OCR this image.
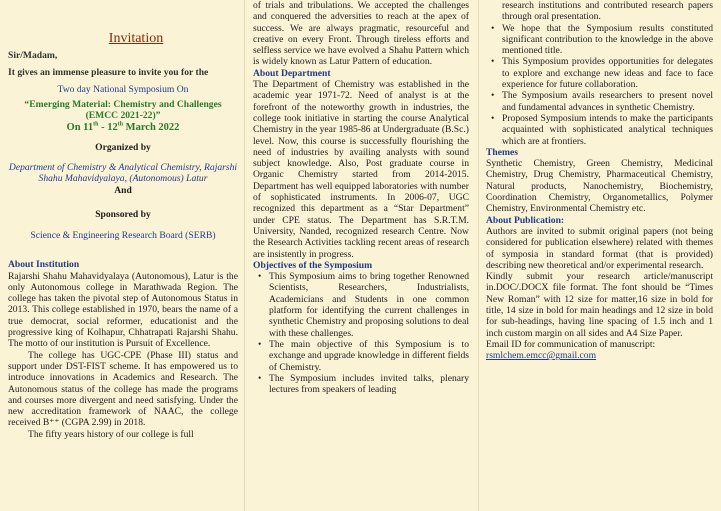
Invitation
Sir/Madam,
It gives an immense pleasure to invite you for the
Two day National Symposium On
“Emerging Material: Chemistry and Challenges
(EMCC 2021-22)”
On 11th - 12th March 2022
Organized by
Department of Chemistry & Analytical Chemistry, Rajarshi Shahu Mahavidyalaya, (Autonomous) Latur
And
Sponsored by
Science & Engineering Research Board (SERB)
About Institution

Rajarshi Shahu Mahavidyalaya (Autonomous), Latur is the only Autonomous college in Marathwada Region. The college has taken the pivotal step of Autonomous Status in 2013. This college established in 1970, bears the name of a true democrat, social reformer, educationist and the progressive king of Kolhapur, Chhatrapati Rajarshi Shahu. The motto of our institution is Pursuit of Excellence.

The college has UGC-CPE (Phase III) status and support under DST-FIST scheme. It has empowered us to introduce innovations in Academics and Research. The Autonomous status of the college has made the programs and courses more divergent and need satisfying. Under the new accreditation framework of NAAC, the college received B⁺⁺ (CGPA 2.99) in 2018.

The fifty years history of our college is full

of trials and tribulations. We accepted the challenges and conquered the adversities to reach at the apex of success. We are always pragmatic, resourceful and creative on every Front. Through tireless efforts and selfless service we have evolved a Shahu Pattern which is widely known as Latur Pattern of education.

About Department

The Department of Chemistry was established in the academic year 1971-72. Need of analyst is at the forefront of the noteworthy growth in industries, the college took initiative in starting the course Analytical Chemistry in the year 1985-86 at Undergraduate (B.Sc.) level. Now, this course is successfully flourishing the need of industries by availing analysts with sound subject knowledge. Also, Post graduate course in Organic Chemistry started from 2014-2015. Department has well equipped laboratories with number of sophisticated instruments. In 2006-07, UGC recognized this department as a “Star Department” under CPE status. The Department has S.R.T.M. University, Nanded, recognized research Centre. Now the Research Activities tackling recent areas of research are insistently in progress.

Objectives of the Symposium
• This Symposium aims to bring together Renowned Scientists, Researchers, Industrialists, Academicians and Students in one common platform for identifying the current challenges in synthetic Chemistry and proposing solutions to deal with these challenges.
• The main objective of this Symposium is to exchange and upgrade knowledge in different fields of Chemistry.
• The Symposium includes invited talks, plenary lectures from speakers of leading

research institutions and contributed research papers through oral presentation.

• We hope that the Symposium results constituted significant contribution to the knowledge in the above mentioned title.
• This Symposium provides opportunities for delegates to explore and exchange new ideas and face to face experience for future collaboration.
• The Symposium avails researchers to present novel and fundamental advances in synthetic Chemistry.
• Proposed Symposium intends to make the participants acquainted with sophisticated analytical techniques which are at frontiers.
Themes

Synthetic Chemistry, Green Chemistry, Medicinal Chemistry, Drug Chemistry, Pharmaceutical Chemistry, Natural products, Nanochemistry, Biochemistry, Coordination Chemistry, Organometallics, Polymer Chemistry, Environmental Chemistry etc.

About Publication:

Authors are invited to submit original papers (not being considered for publication elsewhere) related with themes of symposia in standard format (that is provided) describing new theoretical and/or experimental research.

Kindly submit your research article/manuscript in.DOC/.DOCX file format. The font should be “Times New Roman” with 12 size for matter,16 size in bold for title, 14 size in bold for main headings and 12 size in bold for sub-headings, having line spacing of 1.5 inch and 1 inch custom margin on all sides and A4 Size Paper.

Email ID for communication of manuscript:

rsmlchem.emcc@gmail.com
